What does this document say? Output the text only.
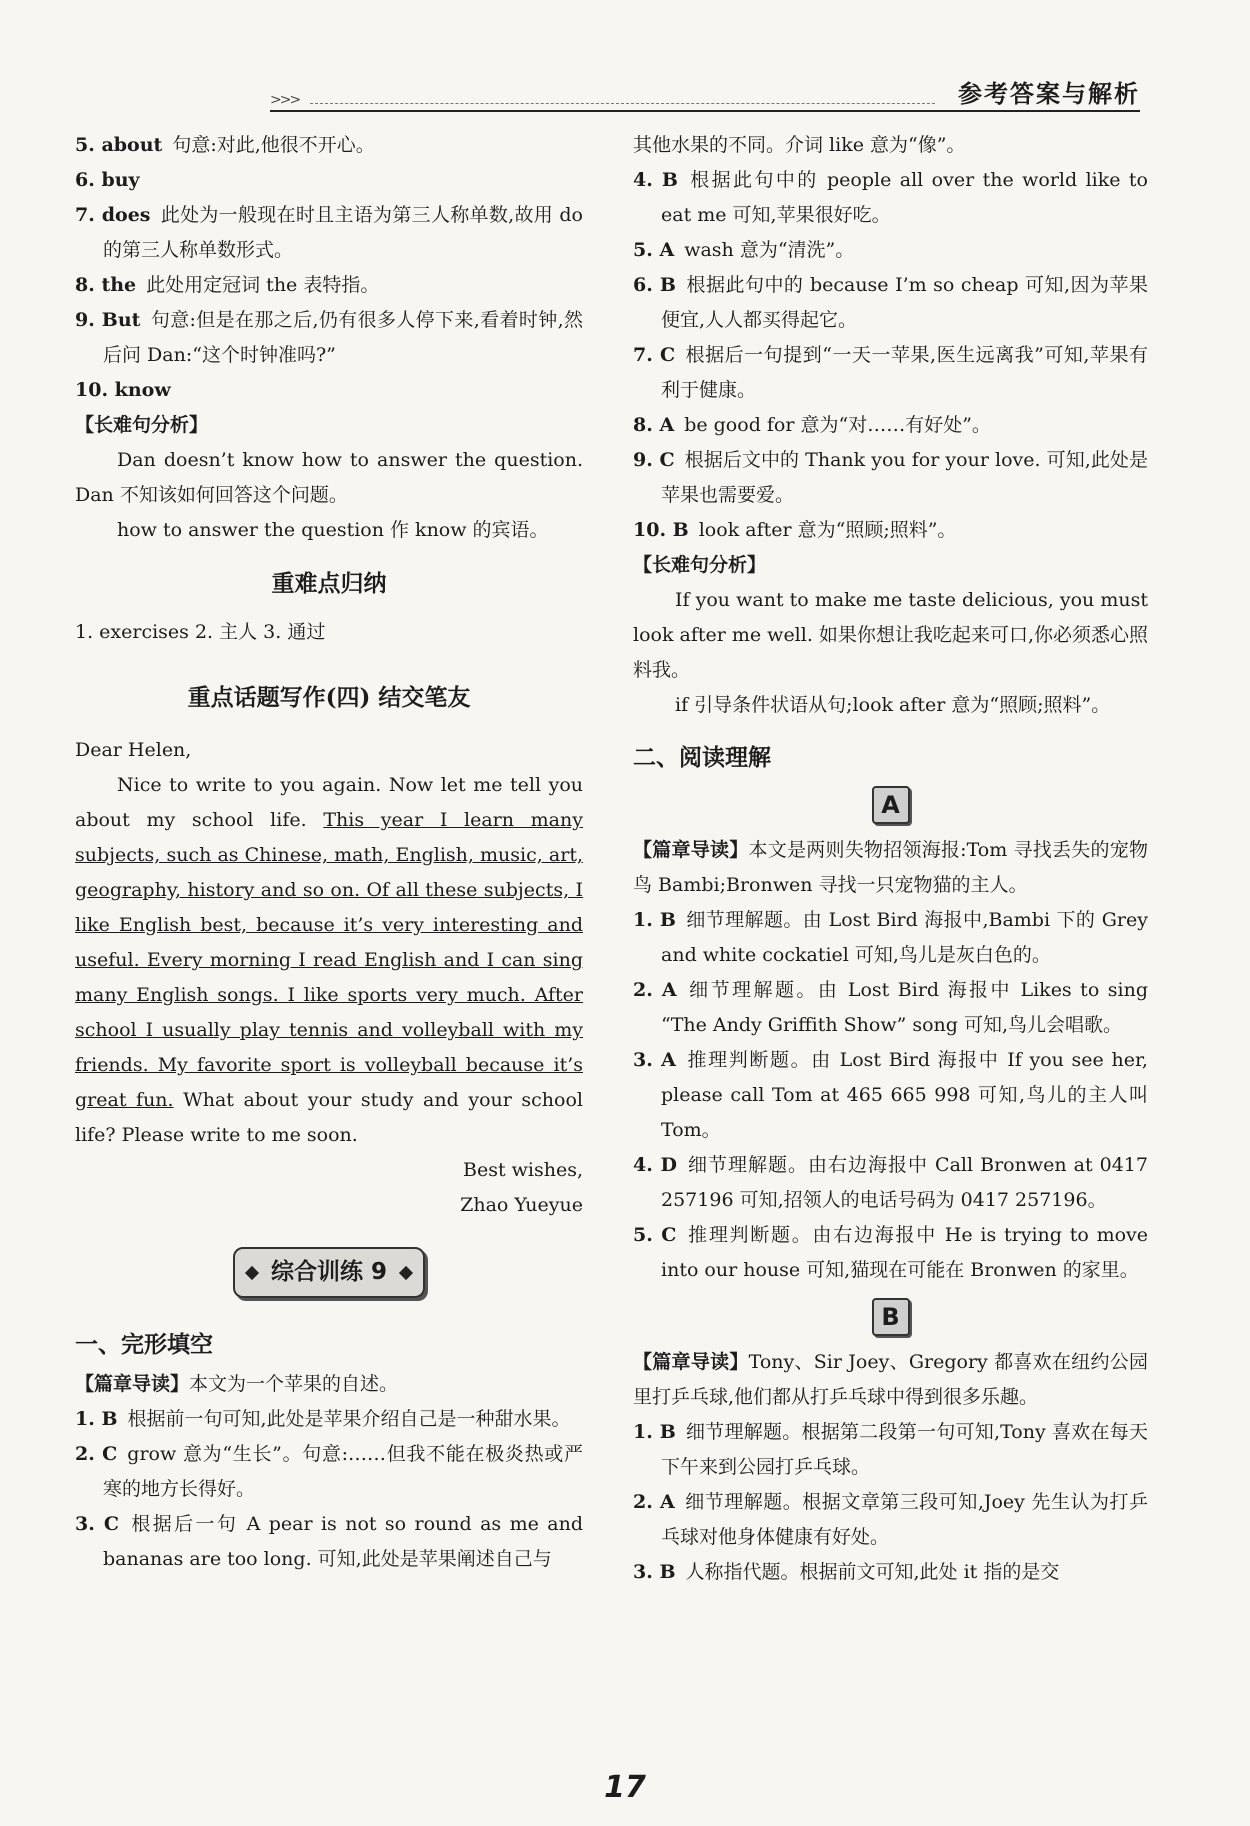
>>>	参考答案与解析

5. about 句意:对此,他很不开心。

6. buy

7. does 此处为一般现在时且主语为第三人称单数,故用 do 的第三人称单数形式。

8. the 此处用定冠词 the 表特指。

9. But 句意:但是在那之后,仍有很多人停下来,看着时钟,然后问 Dan:“这个时钟准吗?”

10. know

【长难句分析】

Dan doesn’t know how to answer the question. Dan 不知该如何回答这个问题。

how to answer the question 作 know 的宾语。

重难点归纳

1. exercises 2. 主人 3. 通过

重点话题写作(四) 结交笔友

Dear Helen,

Nice to write to you again. Now let me tell you about my school life. This year I learn many subjects, such as Chinese, math, English, music, art, geography, history and so on. Of all these subjects, I like English best, because it’s very interesting and useful. Every morning I read English and I can sing many English songs. I like sports very much. After school I usually play tennis and volleyball with my friends. My favorite sport is volleyball because it’s great fun. What about your study and your school life? Please write to me soon.

Best wishes,

Zhao Yueyue

综合训练 9
一、完形填空

【篇章导读】本文为一个苹果的自述。

1. B 根据前一句可知,此处是苹果介绍自己是一种甜水果。

2. C grow 意为“生长”。句意:……但我不能在极炎热或严寒的地方长得好。

3. C 根据后一句 A pear is not so round as me and bananas are too long. 可知,此处是苹果阐述自己与

其他水果的不同。介词 like 意为“像”。

4. B 根据此句中的 people all over the world like to eat me 可知,苹果很好吃。

5. A wash 意为“清洗”。

6. B 根据此句中的 because I’m so cheap 可知,因为苹果便宜,人人都买得起它。

7. C 根据后一句提到“一天一苹果,医生远离我”可知,苹果有利于健康。

8. A be good for 意为“对……有好处”。

9. C 根据后文中的 Thank you for your love. 可知,此处是苹果也需要爱。

10. B look after 意为“照顾;照料”。

【长难句分析】

If you want to make me taste delicious, you must look after me well. 如果你想让我吃起来可口,你必须悉心照料我。

if 引导条件状语从句;look after 意为“照顾;照料”。

二、阅读理解
A

【篇章导读】本文是两则失物招领海报:Tom 寻找丢失的宠物鸟 Bambi;Bronwen 寻找一只宠物猫的主人。

1. B 细节理解题。由 Lost Bird 海报中,Bambi 下的 Grey and white cockatiel 可知,鸟儿是灰白色的。

2. A 细节理解题。由 Lost Bird 海报中 Likes to sing “The Andy Griffith Show” song 可知,鸟儿会唱歌。

3. A 推理判断题。由 Lost Bird 海报中 If you see her, please call Tom at 465 665 998 可知,鸟儿的主人叫 Tom。

4. D 细节理解题。由右边海报中 Call Bronwen at 0417 257196 可知,招领人的电话号码为 0417 257196。

5. C 推理判断题。由右边海报中 He is trying to move into our house 可知,猫现在可能在 Bronwen 的家里。

B

【篇章导读】Tony、Sir Joey、Gregory 都喜欢在纽约公园里打乒乓球,他们都从打乒乓球中得到很多乐趣。

1. B 细节理解题。根据第二段第一句可知,Tony 喜欢在每天下午来到公园打乒乓球。

2. A 细节理解题。根据文章第三段可知,Joey 先生认为打乒乓球对他身体健康有好处。

3. B 人称指代题。根据前文可知,此处 it 指的是交

17
